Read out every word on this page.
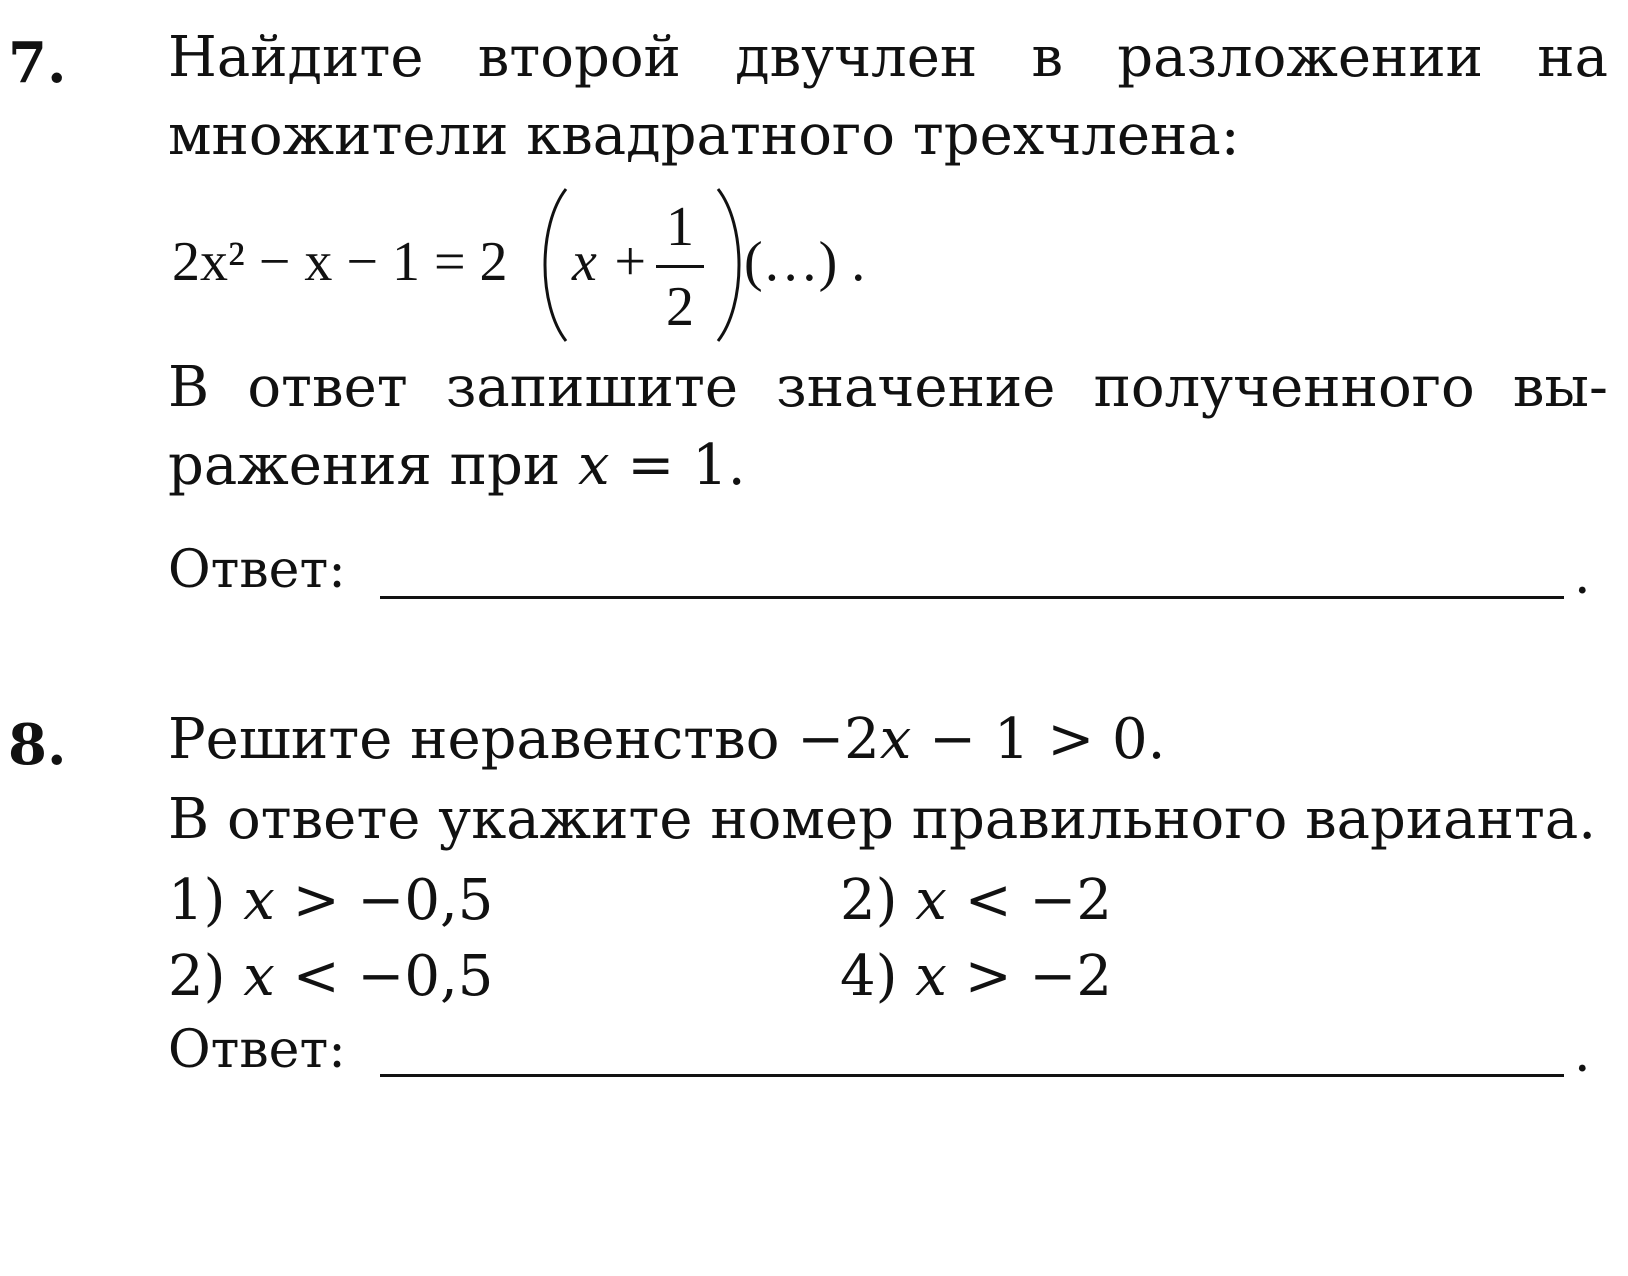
7. Найдите второй двучлен в разложении на
множители квадратного трехчлена:
2x² − x − 1 = 2 x +
1
2
(…) .
В ответ запишите значение полученного вы-
ражения при x = 1.
Ответ:	.
8. Решите неравенство −2x − 1 > 0.
В ответе укажите номер правильного варианта.
1) x > −0,5	2) x < −2
2) x < −0,5	4) x > −2
Ответ:	.
